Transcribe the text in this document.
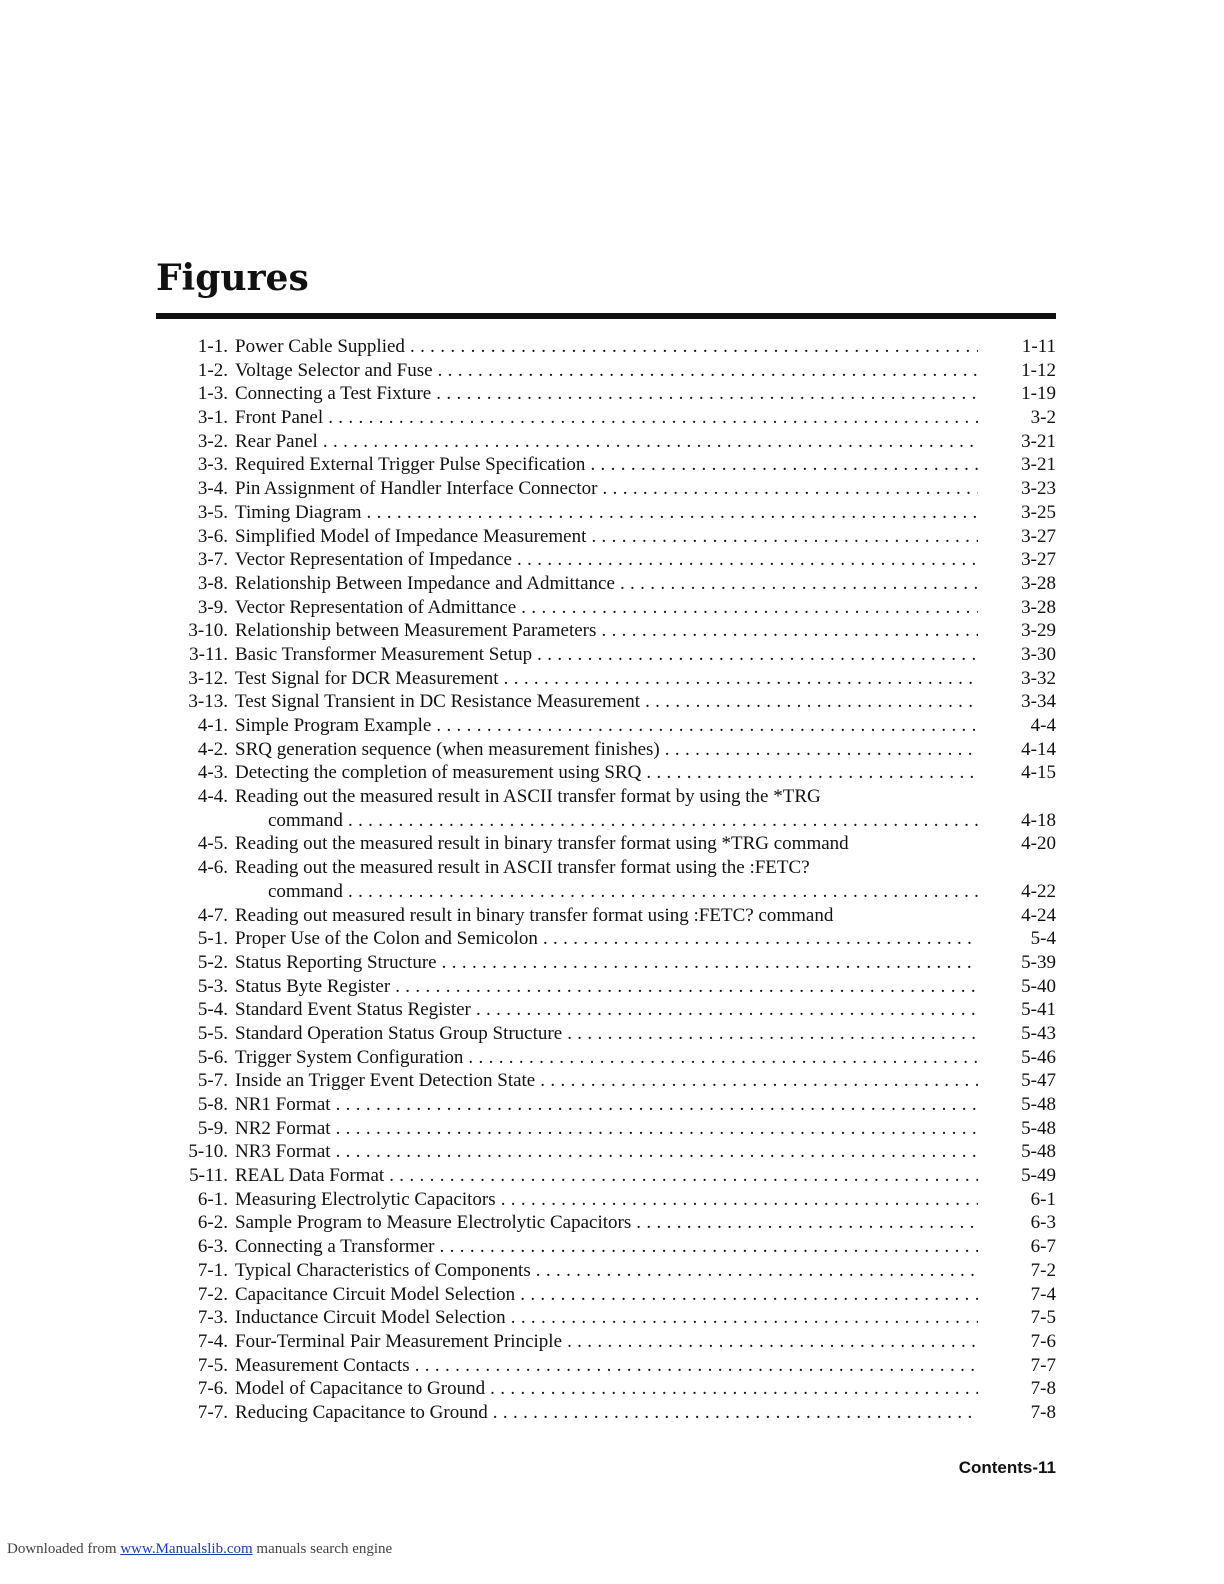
Figures
1-1. Power Cable Supplied . . .	1-11
1-2. Voltage Selector and Fuse . . .	1-12
1-3. Connecting a Test Fixture . . .	1-19
3-1. Front Panel . . .	3-2
3-2. Rear Panel . . .	3-21
3-3. Required External Trigger Pulse Specification . . .	3-21
3-4. Pin Assignment of Handler Interface Connector . . .	3-23
3-5. Timing Diagram . . .	3-25
3-6. Simplified Model of Impedance Measurement . . .	3-27
3-7. Vector Representation of Impedance . . .	3-27
3-8. Relationship Between Impedance and Admittance . . .	3-28
3-9. Vector Representation of Admittance . . .	3-28
3-10. Relationship between Measurement Parameters . . .	3-29
3-11. Basic Transformer Measurement Setup . . .	3-30
3-12. Test Signal for DCR Measurement . . .	3-32
3-13. Test Signal Transient in DC Resistance Measurement . . .	3-34
4-1. Simple Program Example . . .	4-4
4-2. SRQ generation sequence (when measurement finishes) . . .	4-14
4-3. Detecting the completion of measurement using SRQ . . .	4-15
4-4. Reading out the measured result in ASCII transfer format by using the *TRG
command . . .	4-18
4-5. Reading out the measured result in binary transfer format using *TRG command	4-20
4-6. Reading out the measured result in ASCII transfer format using the :FETC?
command . . .	4-22
4-7. Reading out measured result in binary transfer format using :FETC? command	4-24
5-1. Proper Use of the Colon and Semicolon . . .	5-4
5-2. Status Reporting Structure . . .	5-39
5-3. Status Byte Register . . .	5-40
5-4. Standard Event Status Register . . .	5-41
5-5. Standard Operation Status Group Structure . . .	5-43
5-6. Trigger System Configuration . . .	5-46
5-7. Inside an Trigger Event Detection State . . .	5-47
5-8. NR1 Format . . .	5-48
5-9. NR2 Format . . .	5-48
5-10. NR3 Format . . .	5-48
5-11. REAL Data Format . . .	5-49
6-1. Measuring Electrolytic Capacitors . . .	6-1
6-2. Sample Program to Measure Electrolytic Capacitors . . .	6-3
6-3. Connecting a Transformer . . .	6-7
7-1. Typical Characteristics of Components . . .	7-2
7-2. Capacitance Circuit Model Selection . . .	7-4
7-3. Inductance Circuit Model Selection . . .	7-5
7-4. Four-Terminal Pair Measurement Principle . . .	7-6
7-5. Measurement Contacts . . .	7-7
7-6. Model of Capacitance to Ground . . .	7-8
7-7. Reducing Capacitance to Ground . . .	7-8
Contents-11
Downloaded from www.Manualslib.com manuals search engine
